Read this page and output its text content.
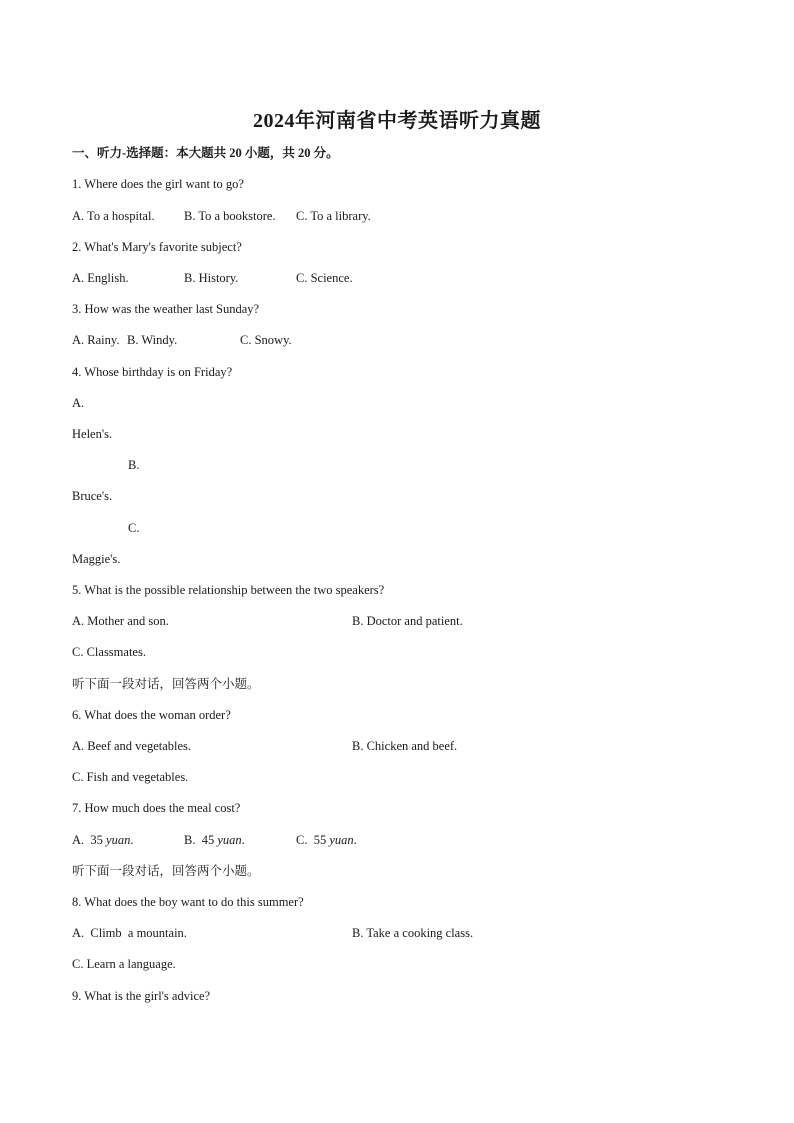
2024年河南省中考英语听力真题
一、听力-选择题：本大题共 20 小题，共 20 分。
1. Where does the girl want to go?
A. To a hospital. B. To a bookstore. C. To a library.
2. What's Mary's favorite subject?
A. English.	B. History.	C. Science.
3. How was the weather last Sunday?
A. Rainy. B. Windy.	C. Snowy.
4. Whose birthday is on Friday?
A.
Helen's.
B.
Bruce's.
C.
Maggie's.
5. What is the possible relationship between the two speakers?
A. Mother and son.	B. Doctor and patient.
C. Classmates.
听下面一段对话，回答两个小题。
6. What does the woman order?
A. Beef and vegetables.	B. Chicken and beef.
C. Fish and vegetables.
7. How much does the meal cost?
A.  35 yuan.	B.  45 yuan.	C.  55 yuan.
听下面一段对话，回答两个小题。
8. What does the boy want to do this summer?
A.  Climb  a mountain.	B. Take a cooking class.
C. Learn a language.
9. What is the girl's advice?
